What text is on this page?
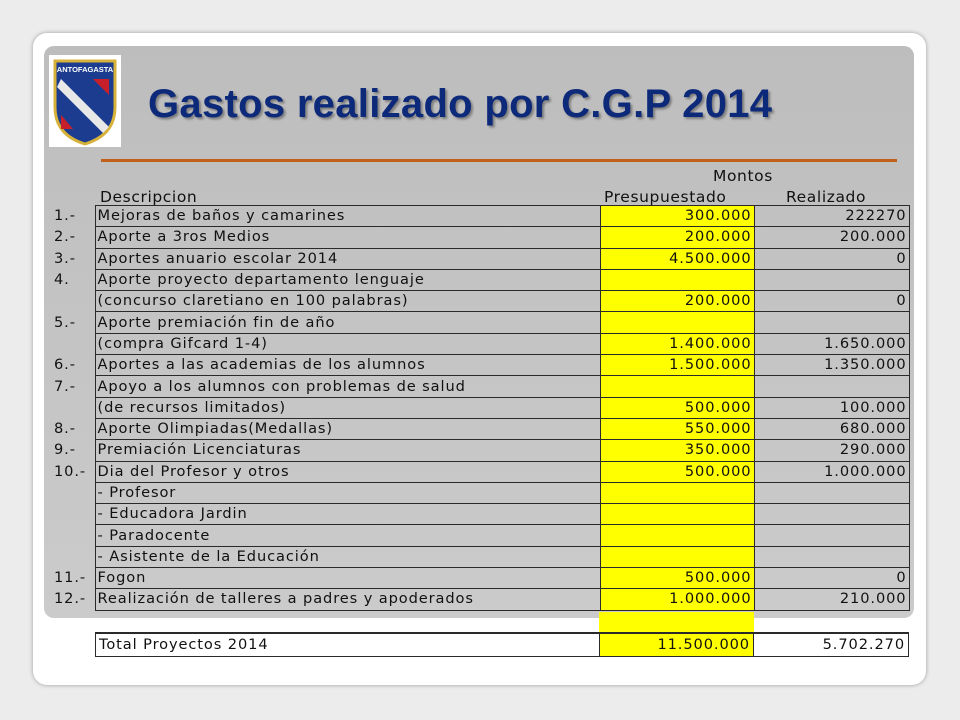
ANTOFAGASTA
Gastos realizado por C.G.P 2014
Montos
Descripcion	Presupuestado	Realizado
1.-	Mejoras de baños y camarines	300.000	222270
2.-	Aporte a 3ros Medios	200.000	200.000
3.-	Aportes anuario escolar 2014	4.500.000	0
4.	Aporte proyecto departamento lenguaje		
	(concurso claretiano en 100 palabras)	200.000	0
5.-	Aporte premiación fin de año		
	(compra Gifcard 1-4)	1.400.000	1.650.000
6.-	Aportes a las academias de los alumnos	1.500.000	1.350.000
7.-	Apoyo a los alumnos con problemas de salud		
	(de recursos limitados)	500.000	100.000
8.-	Aporte Olimpiadas(Medallas)	550.000	680.000
9.-	Premiación Licenciaturas	350.000	290.000
10.-	Dia del Profesor y otros	500.000	1.000.000
	- Profesor		
	- Educadora Jardin		
	- Paradocente		
	- Asistente de la Educación		
11.-	Fogon	500.000	0
12.-	Realización de talleres a padres y apoderados	1.000.000	210.000
Total Proyectos 2014	11.500.000	5.702.270
